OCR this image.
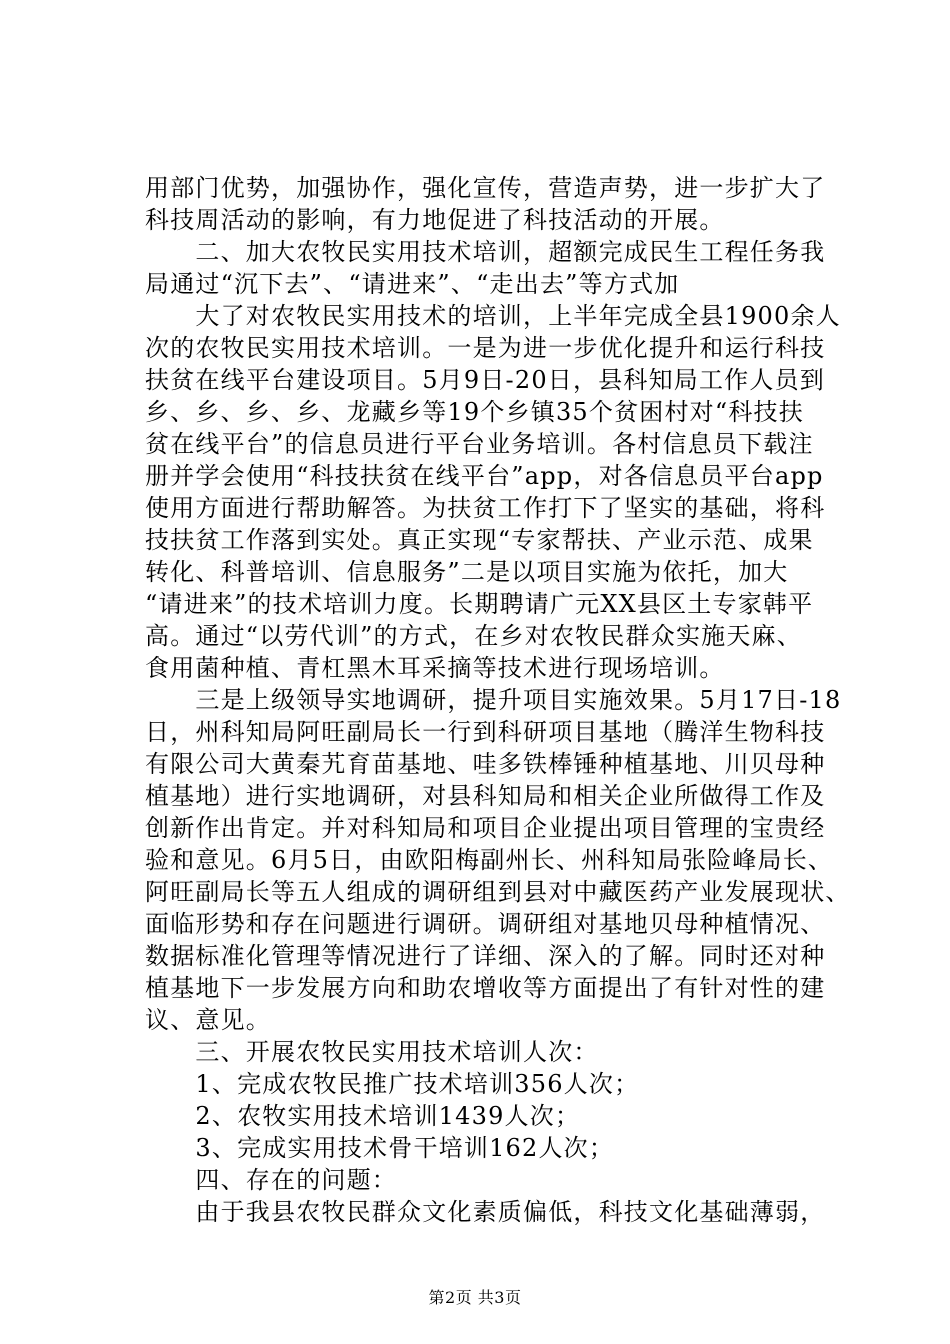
用部门优势，加强协作，强化宣传，营造声势，进一步扩大了
科技周活动的影响，有力地促进了科技活动的开展。
　　二、加大农牧民实用技术培训，超额完成民生工程任务我
局通过“沉下去”、“请进来”、“走出去”等方式加
　　大了对农牧民实用技术的培训，上半年完成全县1900余人
次的农牧民实用技术培训。一是为进一步优化提升和运行科技
扶贫在线平台建设项目。5月9日-20日，县科知局工作人员到
乡、乡、乡、乡、龙藏乡等19个乡镇35个贫困村对“科技扶
贫在线平台”的信息员进行平台业务培训。各村信息员下载注
册并学会使用“科技扶贫在线平台”app，对各信息员平台app
使用方面进行帮助解答。为扶贫工作打下了坚实的基础，将科
技扶贫工作落到实处。真正实现“专家帮扶、产业示范、成果
转化、科普培训、信息服务”二是以项目实施为依托，加大
“请进来”的技术培训力度。长期聘请广元XX县区土专家韩平
高。通过“以劳代训”的方式，在乡对农牧民群众实施天麻、
食用菌种植、青杠黑木耳采摘等技术进行现场培训。
　　三是上级领导实地调研，提升项目实施效果。5月17日-18
日，州科知局阿旺副局长一行到科研项目基地（腾洋生物科技
有限公司大黄秦艽育苗基地、哇多铁棒锤种植基地、川贝母种
植基地）进行实地调研，对县科知局和相关企业所做得工作及
创新作出肯定。并对科知局和项目企业提出项目管理的宝贵经
验和意见。6月5日，由欧阳梅副州长、州科知局张险峰局长、
阿旺副局长等五人组成的调研组到县对中藏医药产业发展现状、
面临形势和存在问题进行调研。调研组对基地贝母种植情况、
数据标准化管理等情况进行了详细、深入的了解。同时还对种
植基地下一步发展方向和助农增收等方面提出了有针对性的建
议、意见。
　　三、开展农牧民实用技术培训人次：
　　1、完成农牧民推广技术培训356人次；
　　2、农牧实用技术培训1439人次；
　　3、完成实用技术骨干培训162人次；
　　四、存在的问题：
　　由于我县农牧民群众文化素质偏低，科技文化基础薄弱，
第2页 共3页
